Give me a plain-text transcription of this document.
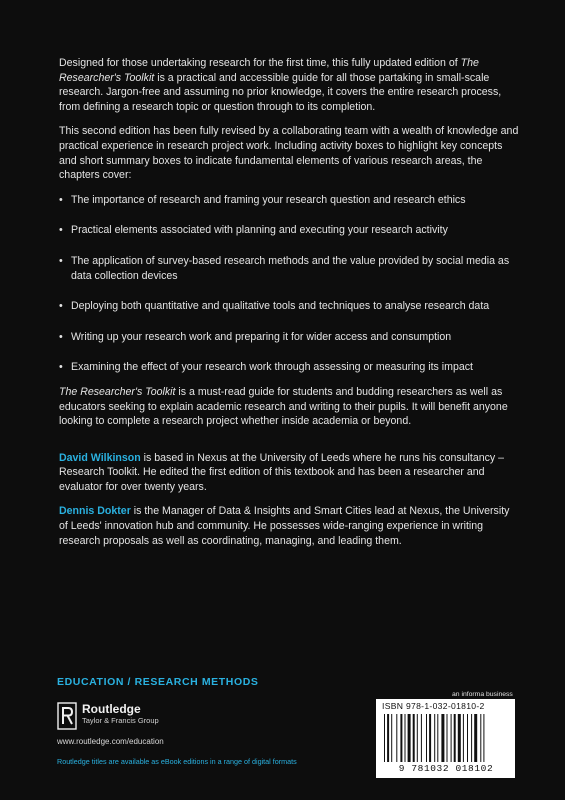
Designed for those undertaking research for the first time, this fully updated edition of The Researcher's Toolkit is a practical and accessible guide for all those partaking in small-scale research. Jargon-free and assuming no prior knowledge, it covers the entire research process, from defining a research topic or question through to its completion.

This second edition has been fully revised by a collaborating team with a wealth of knowledge and practical experience in research project work. Including activity boxes to highlight key concepts and short summary boxes to indicate fundamental elements of various research areas, the chapters cover:

• The importance of research and framing your research question and research ethics
• Practical elements associated with planning and executing your research activity
• The application of survey-based research methods and the value provided by social media as data collection devices
• Deploying both quantitative and qualitative tools and techniques to analyse research data
• Writing up your research work and preparing it for wider access and consumption
• Examining the effect of your research work through assessing or measuring its impact

The Researcher's Toolkit is a must-read guide for students and budding researchers as well as educators seeking to explain academic research and writing to their pupils. It will benefit anyone looking to complete a research project whether inside academia or beyond.

David Wilkinson is based in Nexus at the University of Leeds where he runs his consultancy – Research Toolkit. He edited the first edition of this textbook and has been a researcher and evaluator for over twenty years.

Dennis Dokter is the Manager of Data & Insights and Smart Cities lead at Nexus, the University of Leeds' innovation hub and community. He possesses wide-ranging experience in writing research proposals as well as coordinating, managing, and leading them.

EDUCATION / RESEARCH METHODS
Routledge
Taylor & Francis Group
www.routledge.com/education
Routledge titles are available as eBook editions in a range of digital formats
an informa business
ISBN 978-1-032-01810-2
9 781032 018102
